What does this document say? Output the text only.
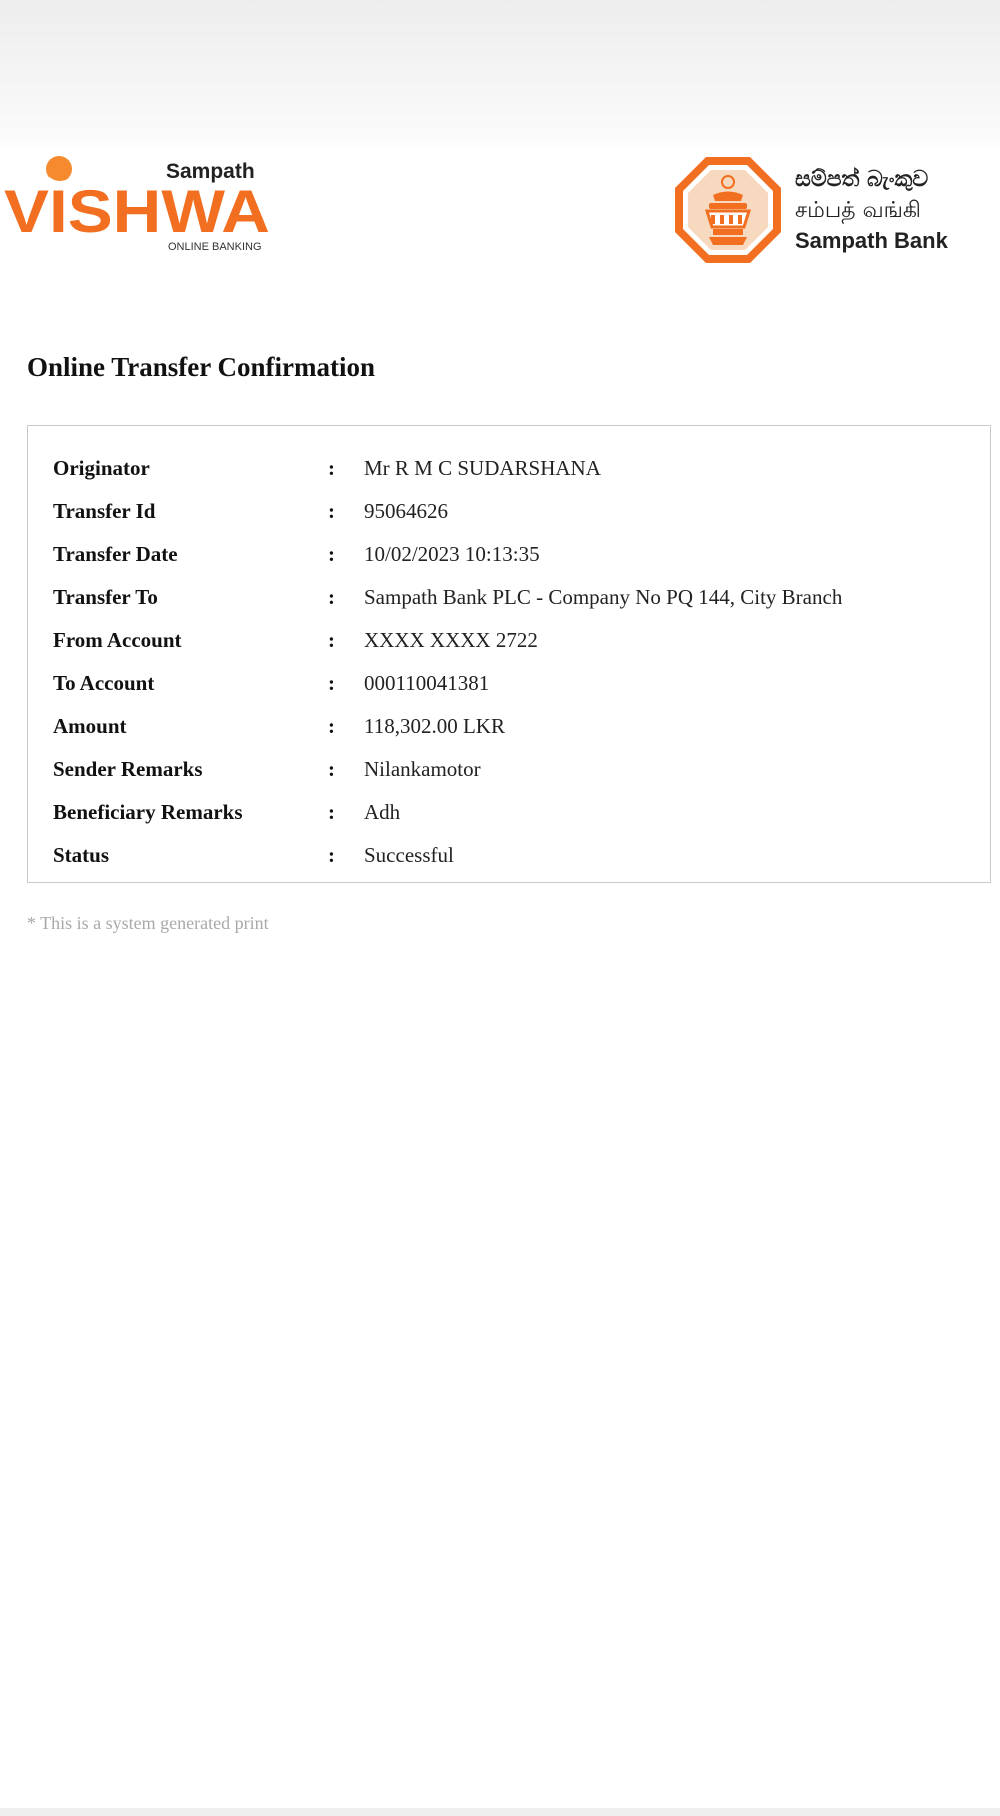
Sampath
VISHWA
ONLINE BANKING
සම්පත් බැංකුව
சம்பத் வங்கி
Sampath Bank
Online Transfer Confirmation
Originator	: Mr R M C SUDARSHANA
Transfer Id	: 95064626
Transfer Date	: 10/02/2023 10:13:35
Transfer To	: Sampath Bank PLC - Company No PQ 144, City Branch
From Account	: XXXX XXXX 2722
To Account	: 000110041381
Amount	: 118,302.00 LKR
Sender Remarks	: Nilankamotor
Beneficiary Remarks	: Adh
Status	: Successful
* This is a system generated print
